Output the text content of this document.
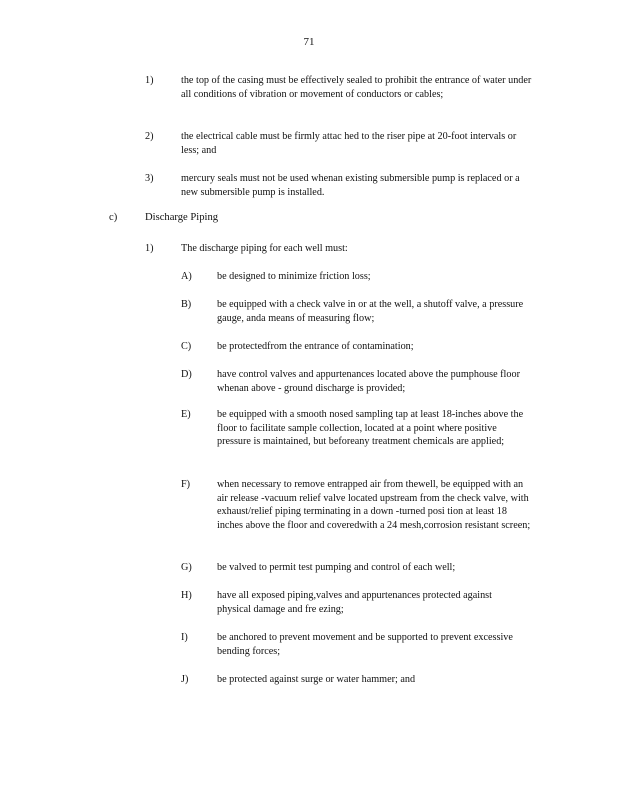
71
1)	the top of the casing must be effectively sealed to prohibit the entrance of water under all conditions of vibration or movement of conductors or cables;
2)	the electrical cable must be firmly attac hed to the riser pipe at 20-foot intervals or less; and
3)	mercury seals must not be used whenan existing submersible pump is replaced or a new submersible pump is installed.
c)	Discharge Piping
1)	The discharge piping for each well must:
A) be designed to minimize friction loss;
B)	be equipped with a check valve in or at the well, a shutoff valve, a pressure gauge, anda means of measuring flow;
C)	be protectedfrom the entrance of contamination;
D) have control valves and appurtenances located above the pumphouse floor whenan above - ground discharge is provided;
E)	be equipped with a smooth nosed sampling tap at least 18-inches above the floor to facilitate sample collection, located at a point where positive pressure is maintained, but beforeany treatment chemicals are applied;
F)	when necessary to remove entrapped air from thewell, be equipped with an air release -vacuum relief valve located upstream from the check valve, with exhaust/relief piping terminating in a down -turned posi tion at least 18 inches above the floor and coveredwith a 24 mesh,corrosion resistant screen;
G) be valved to permit test pumping and control of each well;
H) have all exposed piping,valves and appurtenances protected against physical damage and fre ezing;
I)	be anchored to prevent movement and be supported to prevent excessive bending forces;
J)	be protected against surge or water hammer; and
